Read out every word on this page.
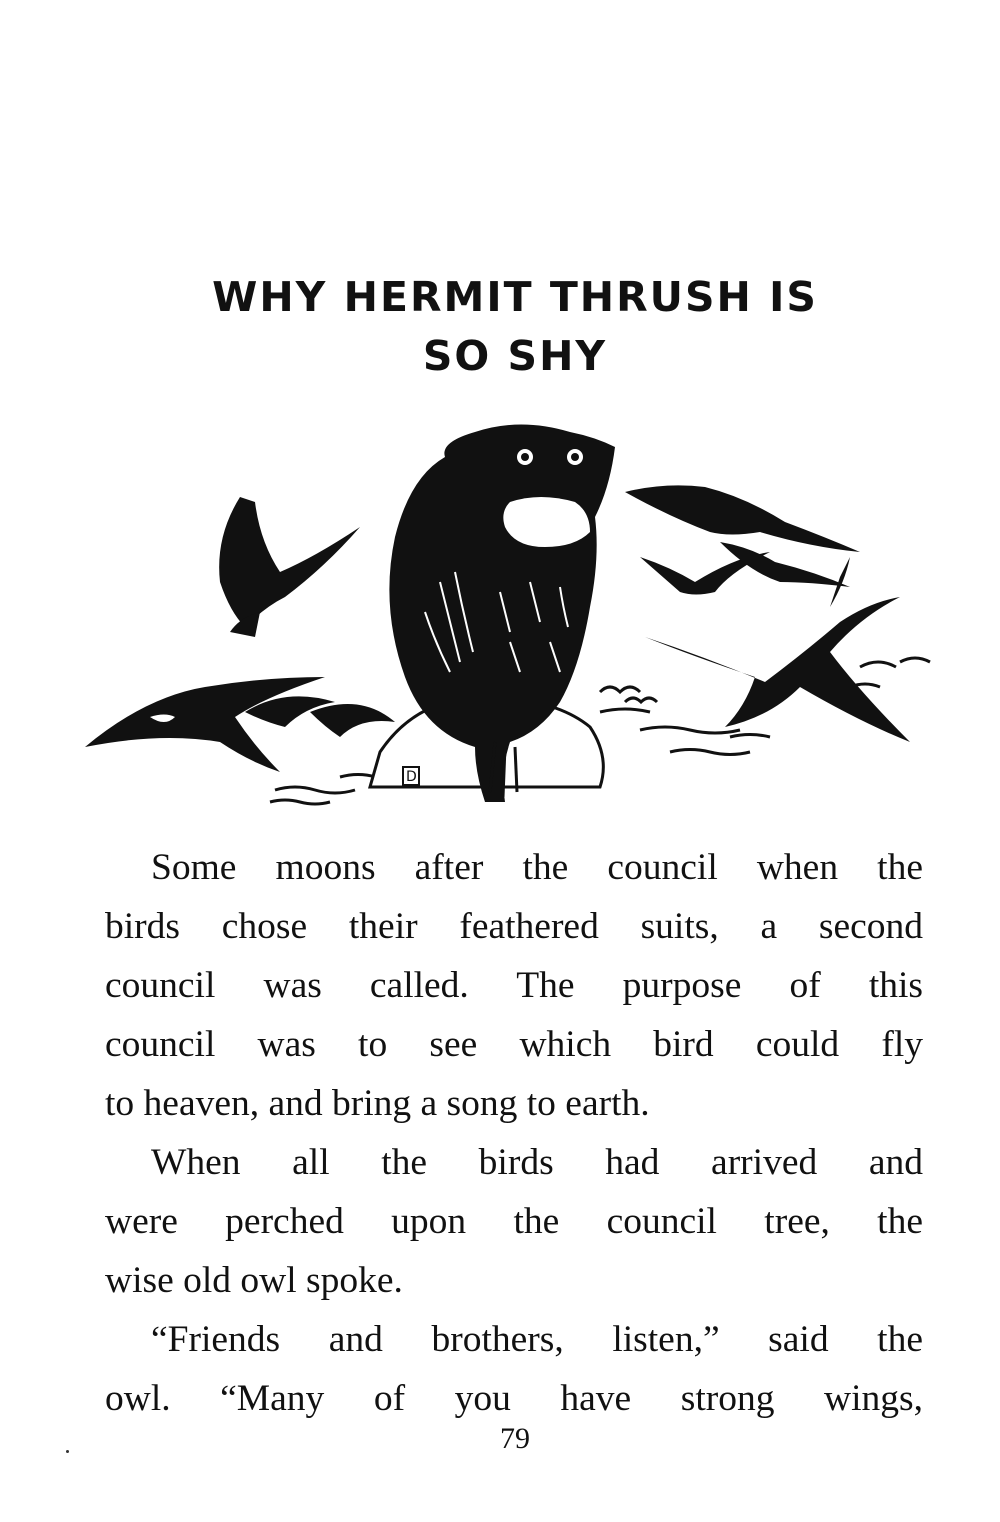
WHY HERMIT THRUSH IS
SO SHY
D

Some moons after the council when the
birds chose their feathered suits, a second
council was called. The purpose of this
council was to see which bird could fly
to heaven, and bring a song to earth.

When all the birds had arrived and
were perched upon the council tree, the
wise old owl spoke.

“Friends and brothers, listen,” said the
owl. “Many of you have strong wings,

79
